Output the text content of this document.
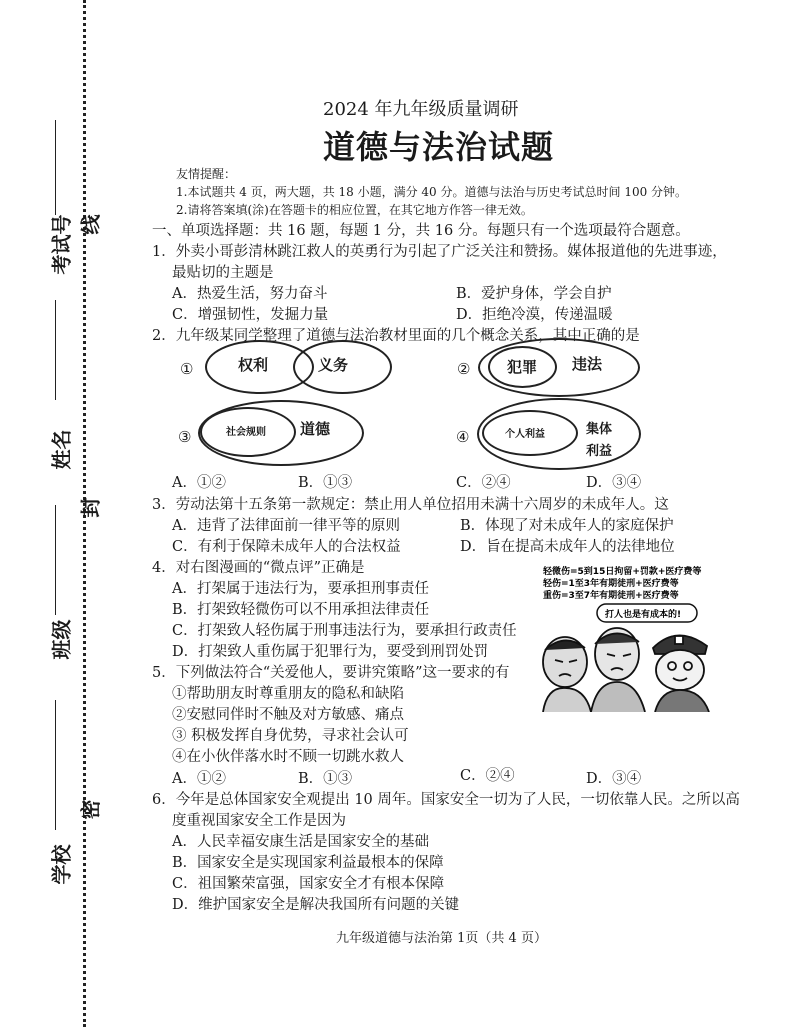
考试号
姓名
班级
学校
线
封
密
2024 年九年级质量调研
道德与法治试题
友情提醒：
1.本试题共 4 页，两大题，共 18 小题，满分 40 分。道德与法治与历史考试总时间 100 分钟。
2.请将答案填(涂)在答题卡的相应位置，在其它地方作答一律无效。
一、单项选择题：共 16 题，每题 1 分，共 16 分。每题只有一个选项最符合题意。
1．外卖小哥彭清林跳江救人的英勇行为引起了广泛关注和赞扬。媒体报道他的先进事迹，
最贴切的主题是
A．热爱生活，努力奋斗	B．爱护身体，学会自护
C．增强韧性，发掘力量	D．拒绝冷漠，传递温暖
2．九年级某同学整理了道德与法治教材里面的几个概念关系，其中正确的是
①	权利	义务	② 犯罪 违法
③	社会规则 道德	④	个人利益	集体
利益
A．①②	B．①③	C．②④	D．③④
3．劳动法第十五条第一款规定：禁止用人单位招用未满十六周岁的未成年人。这
A．违背了法律面前一律平等的原则	B．体现了对未成年人的家庭保护
C．有利于保障未成年人的合法权益	D．旨在提高未成年人的法律地位
4．对右图漫画的“微点评”正确是
A．打架属于违法行为，要承担刑事责任
B．打架致轻微伤可以不用承担法律责任
C．打架致人轻伤属于刑事违法行为，要承担行政责任
D．打架致人重伤属于犯罪行为，要受到刑罚处罚
轻微伤=5到15日拘留+罚款+医疗费等
轻伤=1至3年有期徒刑+医疗费等
重伤=3至7年有期徒刑+医疗费等
打人也是有成本的!
5．下列做法符合“关爱他人，要讲究策略”这一要求的有
①帮助朋友时尊重朋友的隐私和缺陷
②安慰同伴时不触及对方敏感、痛点
③ 积极发挥自身优势，寻求社会认可
④在小伙伴落水时不顾一切跳水救人
A．①②	B．①③	C．②④	D．③④
6．今年是总体国家安全观提出 10 周年。国家安全一切为了人民，一切依靠人民。之所以高
度重视国家安全工作是因为
A．人民幸福安康生活是国家安全的基础
B．国家安全是实现国家利益最根本的保障
C．祖国繁荣富强，国家安全才有根本保障
D．维护国家安全是解决我国所有问题的关键
九年级道德与法治第 1页（共 4 页）
